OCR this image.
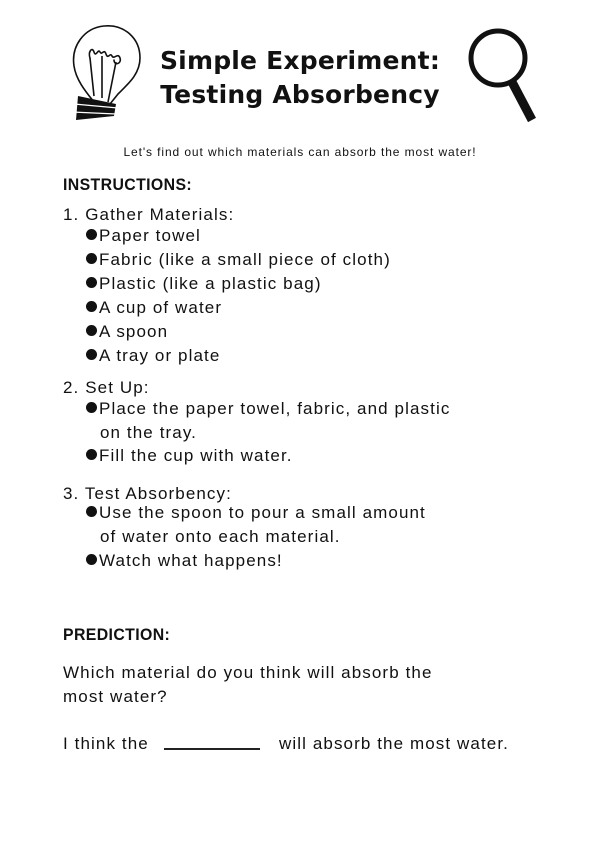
Simple Experiment:
Testing Absorbency
Let's find out which materials can absorb the most water!
INSTRUCTIONS:
1. Gather Materials:
Paper towel
Fabric (like a small piece of cloth)
Plastic (like a plastic bag)
A cup of water
A spoon
A tray or plate
2. Set Up:
Place the paper towel, fabric, and plastic
on the tray.
Fill the cup with water.
3. Test Absorbency:
Use the spoon to pour a small amount
of water onto each material.
Watch what happens!
PREDICTION:
Which material do you think will absorb the
most water?
I think the	will absorb the most water.
